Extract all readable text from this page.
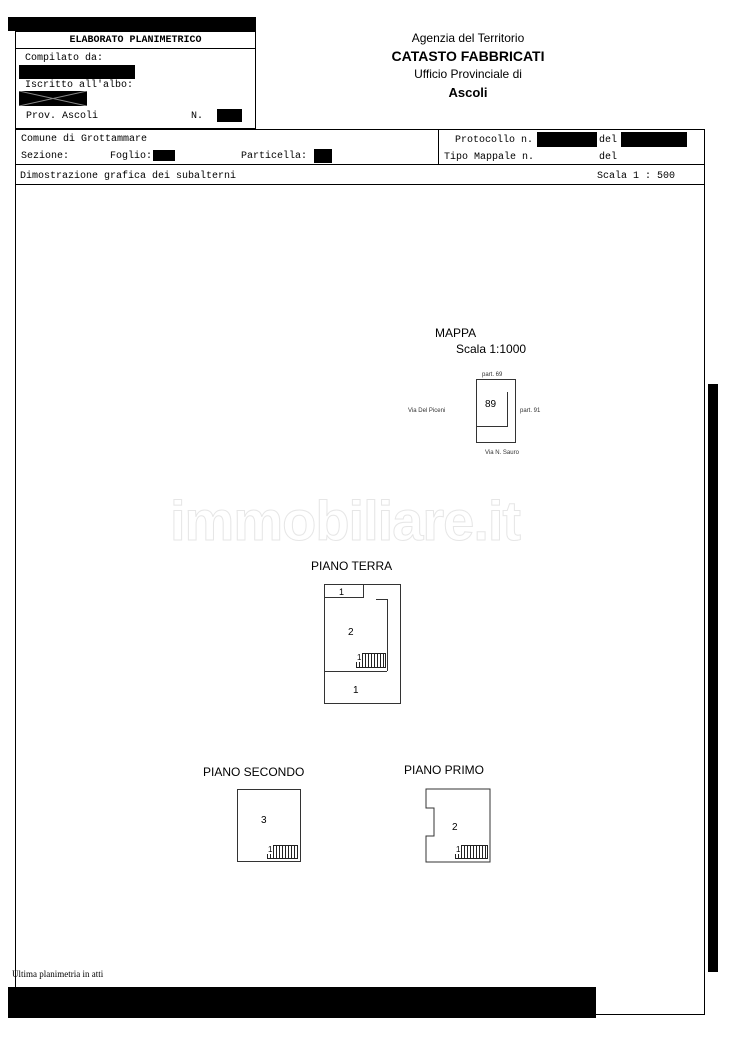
ELABORATO PLANIMETRICO
Compilato da:
Iscritto all'albo:
Prov. Ascoli	N.
Agenzia del Territorio
CATASTO FABBRICATI
Ufficio Provinciale di
Ascoli
Comune di Grottammare
Sezione:	Foglio:	Particella:
Protocollo n.	del
Tipo Mappale n.	del
Dimostrazione grafica dei subalterni	Scala 1 : 500
MAPPA
Scala 1:1000
part. 69
89
part. 91
Via Del Piceni
Via N. Sauro
immobiliare.it
PIANO TERRA
1
2
1
1
PIANO SECONDO
3
1
PIANO PRIMO
2
1
Ultima planimetria in atti
